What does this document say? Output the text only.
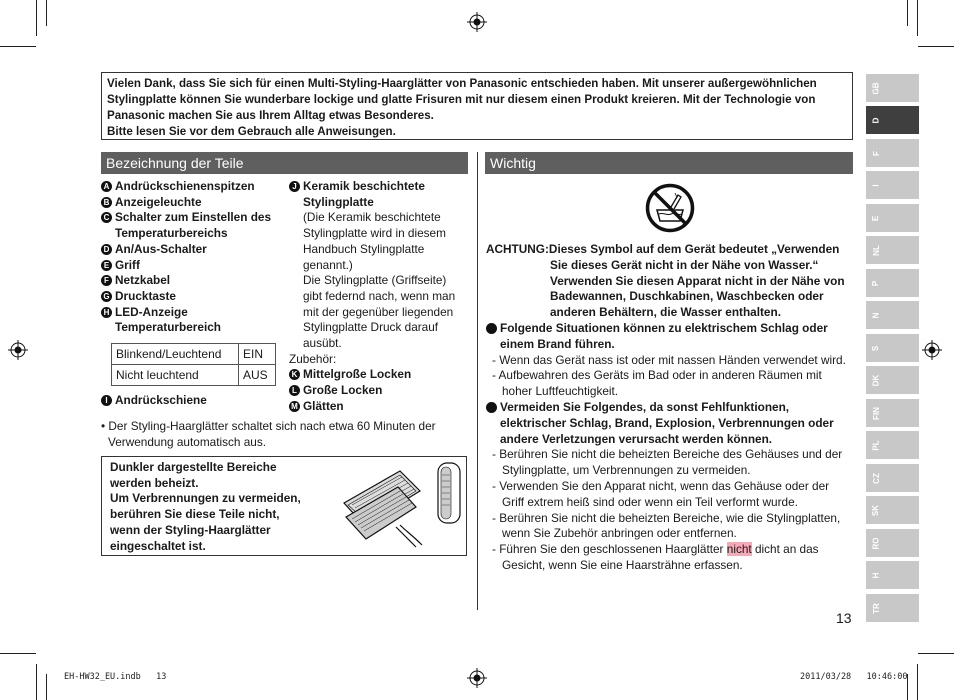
Vielen Dank, dass Sie sich für einen Multi-Styling-Haarglätter von Panasonic entschieden haben. Mit unserer außergewöhnlichen
Stylingplatte können Sie wunderbare lockige und glatte Frisuren mit nur diesem einen Produkt kreieren. Mit der Technologie von
Panasonic machen Sie aus Ihrem Alltag etwas Besonderes.
Bitte lesen Sie vor dem Gebrauch alle Anweisungen.
Bezeichnung der Teile	Wichtig
A Andrückschienenspitzen
B Anzeigeleuchte
C Schalter zum Einstellen des
Temperaturbereichs
D An/Aus-Schalter
E Griff
F Netzkabel
G Drucktaste
H LED-Anzeige
Temperaturbereich
Blinkend/Leuchtend	EIN
Nicht leuchtend	AUS
I Andrückschiene
J Keramik beschichtete
Stylingplatte
(Die Keramik beschichtete
Stylingplatte wird in diesem
Handbuch Stylingplatte
genannt.)
Die Stylingplatte (Griffseite)
gibt federnd nach, wenn man
mit der gegenüber liegenden
Stylingplatte Druck darauf
ausübt.
Zubehör:
K Mittelgroße Locken
L Große Locken
M Glätten
• Der Styling-Haarglätter schaltet sich nach etwa 60 Minuten der
Verwendung automatisch aus.
Dunkler dargestellte Bereiche
werden beheizt.
Um Verbrennungen zu vermeiden,
berühren Sie diese Teile nicht,
wenn der Styling-Haarglätter
eingeschaltet ist.
ACHTUNG:Dieses Symbol auf dem Gerät bedeutet „Verwenden
Sie dieses Gerät nicht in der Nähe von Wasser.“
Verwenden Sie diesen Apparat nicht in der Nähe von
Badewannen, Duschkabinen, Waschbecken oder
anderen Behältern, die Wasser enthalten.
Folgende Situationen können zu elektrischem Schlag oder
einem Brand führen.
- Wenn das Gerät nass ist oder mit nassen Händen verwendet wird.
- Aufbewahren des Geräts im Bad oder in anderen Räumen mit
hoher Luftfeuchtigkeit.
Vermeiden Sie Folgendes, da sonst Fehlfunktionen,
elektrischer Schlag, Brand, Explosion, Verbrennungen oder
andere Verletzungen verursacht werden können.
- Berühren Sie nicht die beheizten Bereiche des Gehäuses und der
Stylingplatte, um Verbrennungen zu vermeiden.
- Verwenden Sie den Apparat nicht, wenn das Gehäuse oder der
Griff extrem heiß sind oder wenn ein Teil verformt wurde.
- Berühren Sie nicht die beheizten Bereiche, wie die Stylingplatten,
wenn Sie Zubehör anbringen oder entfernen.
- Führen Sie den geschlossenen Haarglätter nicht dicht an das
Gesicht, wenn Sie eine Haarsträhne erfassen.
13
GB
D
F
I
E
NL
P
N
S
DK
FIN
PL
CZ
SK
RO
H
TR
EH-HW32_EU.indb   13	2011/03/28   10:46:00
